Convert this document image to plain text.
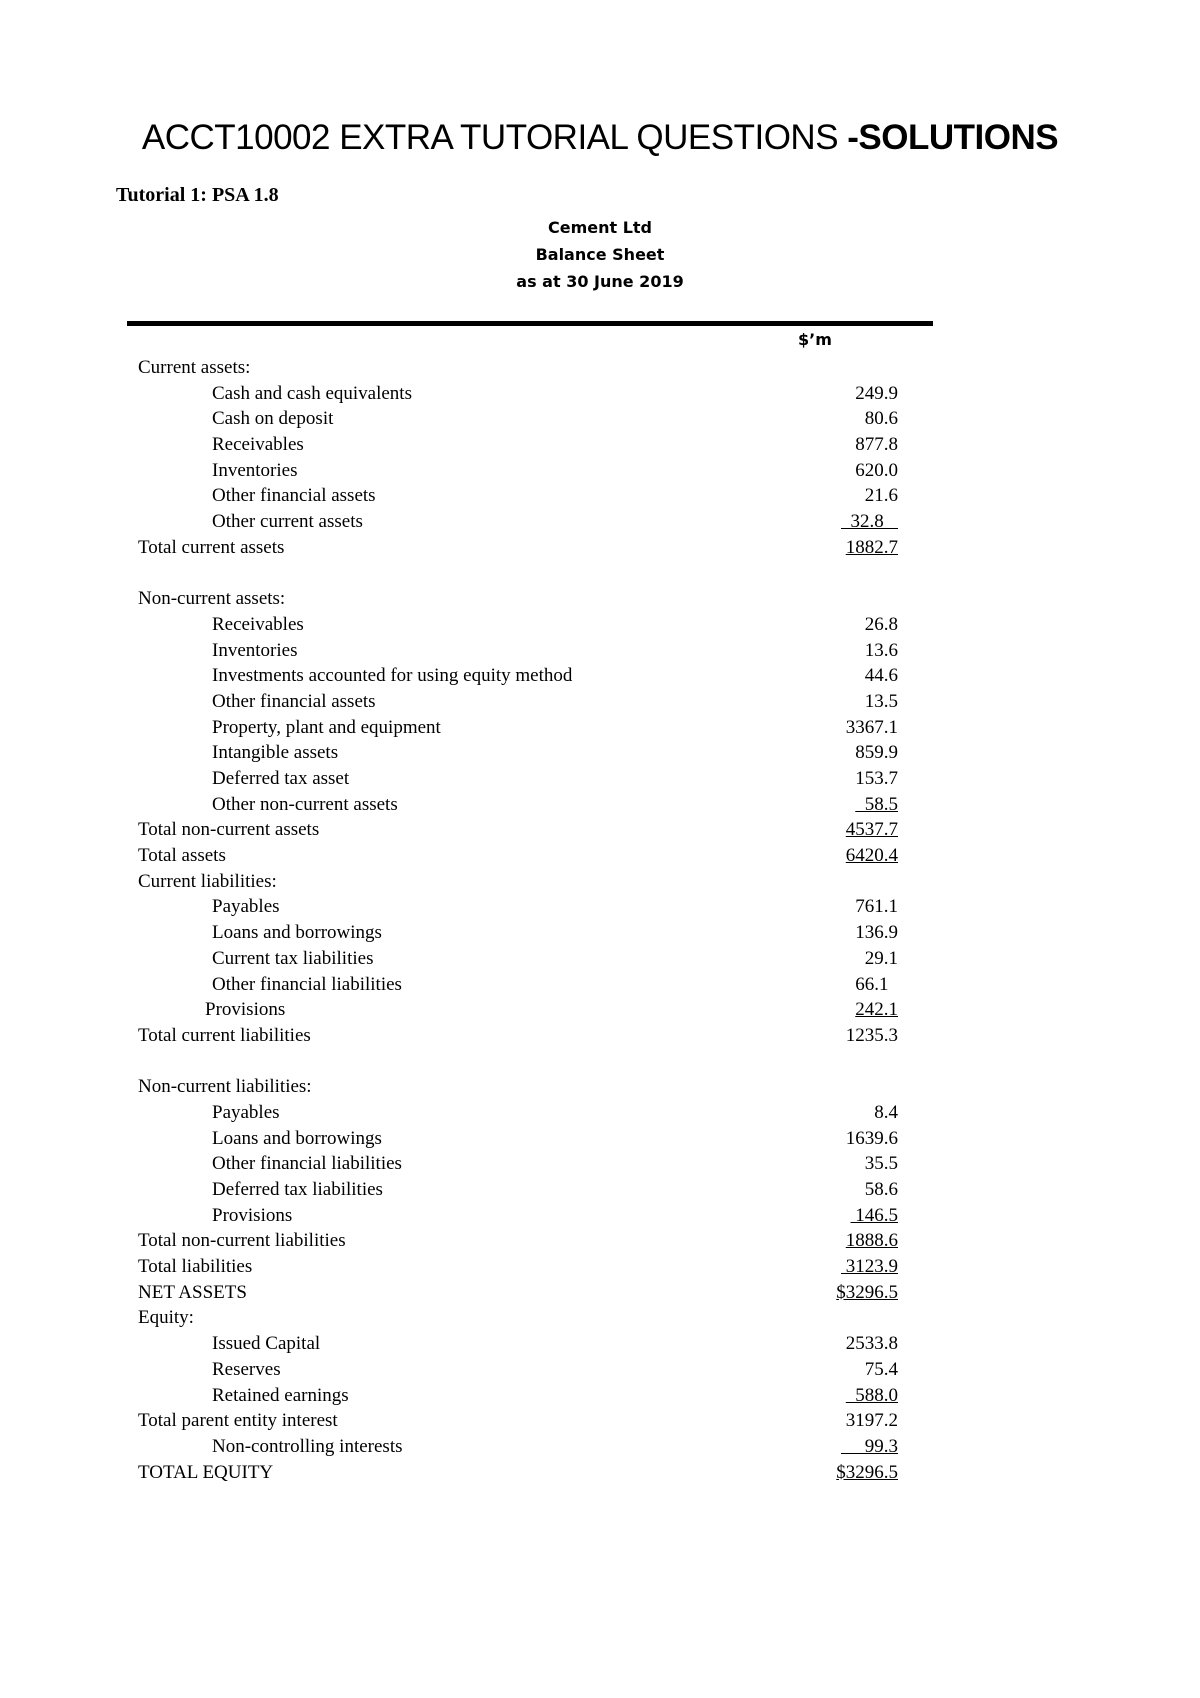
ACCT10002 EXTRA TUTORIAL QUESTIONS -SOLUTIONS
Tutorial 1: PSA 1.8
Cement Ltd
Balance Sheet
as at 30 June 2019
$’m
Current assets:
Cash and cash equivalents	249.9
Cash on deposit	80.6
Receivables	877.8
Inventories	620.0
Other financial assets	21.6
Other current assets	32.8
Total current assets	1882.7
Non-current assets:
Receivables	26.8
Inventories	13.6
Investments accounted for using equity method	44.6
Other financial assets	13.5
Property, plant and equipment	3367.1
Intangible assets	859.9
Deferred tax asset	153.7
Other non-current assets	58.5
Total non-current assets	4537.7
Total assets	6420.4
Current liabilities:
Payables	761.1
Loans and borrowings	136.9
Current tax liabilities	29.1
Other financial liabilities	66.1
Provisions	242.1
Total current liabilities	1235.3
Non-current liabilities:
Payables	8.4
Loans and borrowings	1639.6
Other financial liabilities	35.5
Deferred tax liabilities	58.6
Provisions	146.5
Total non-current liabilities	1888.6
Total liabilities	3123.9
NET ASSETS	$3296.5
Equity:
Issued Capital	2533.8
Reserves	75.4
Retained earnings	588.0
Total parent entity interest	3197.2
Non-controlling interests	99.3
TOTAL EQUITY	$3296.5
